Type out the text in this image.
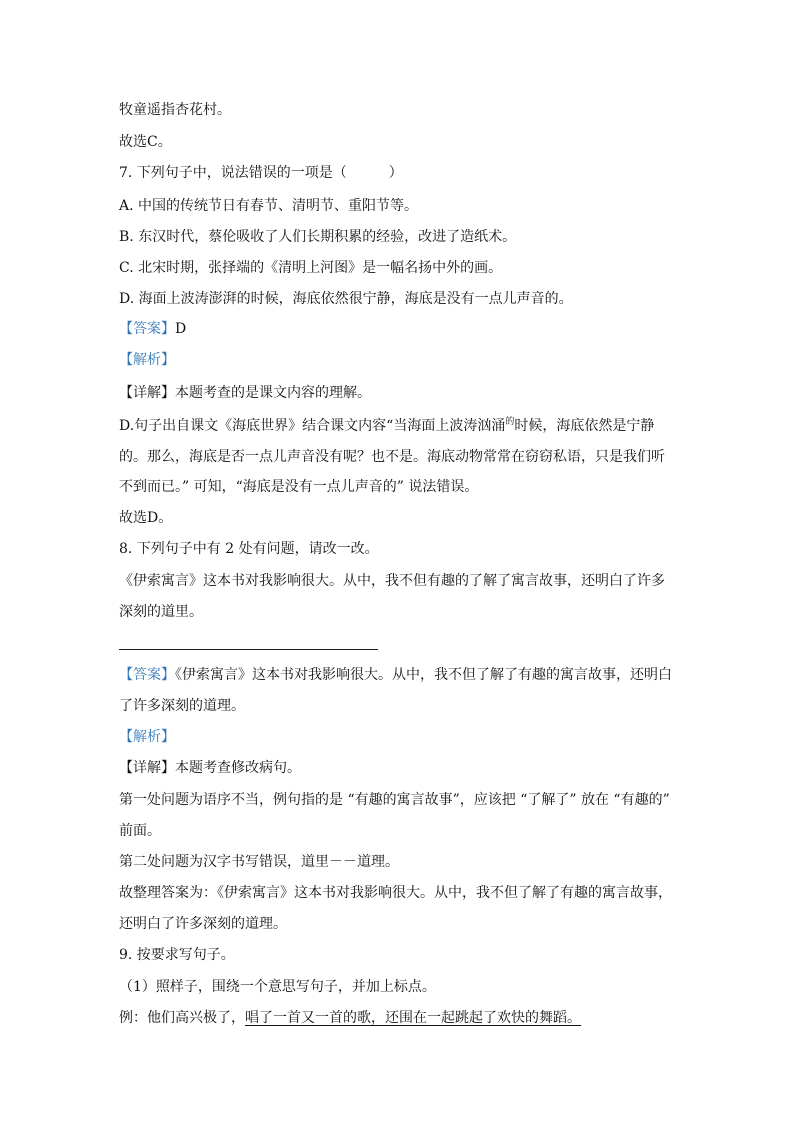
牧童遥指杏花村。

故选C。

7. 下列句子中，说法错误的一项是（　　　）

A. 中国的传统节日有春节、清明节、重阳节等。

B. 东汉时代，蔡伦吸收了人们长期积累的经验，改进了造纸术。

C. 北宋时期，张择端的《清明上河图》是一幅名扬中外的画。

D. 海面上波涛澎湃的时候，海底依然很宁静，海底是没有一点儿声音的。

【答案】D

【解析】

【详解】本题考查的是课文内容的理解。

D.句子出自课文《海底世界》结合课文内容“当海面上波涛汹涌$^的$时候，海底依然是宁静

的。那么，海底是否一点儿声音没有呢？也不是。海底动物常常在窃窃私语，只是我们听

不到而已。” 可知，“海底是没有一点儿声音的” 说法错误。

故选D。

8. 下列句子中有 2 处有问题，请改一改。

《伊索寓言》这本书对我影响很大。从中，我不但有趣的了解了寓言故事，还明白了许多

深刻的道里。

【答案】《伊索寓言》这本书对我影响很大。从中，我不但了解了有趣的寓言故事，还明白

了许多深刻的道理。

【解析】

【详解】本题考查修改病句。

第一处问题为语序不当，例句指的是 “有趣的寓言故事”，应该把 “了解了” 放在 “有趣的”

前面。

第二处问题为汉字书写错误，道里－－道理。

故整理答案为：《伊索寓言》这本书对我影响很大。从中，我不但了解了有趣的寓言故事，

还明白了许多深刻的道理。

9. 按要求写句子。

（1）照样子，围绕一个意思写句子，并加上标点。

例：他们高兴极了，唱了一首又一首的歌，还围在一起跳起了欢快的舞蹈。
